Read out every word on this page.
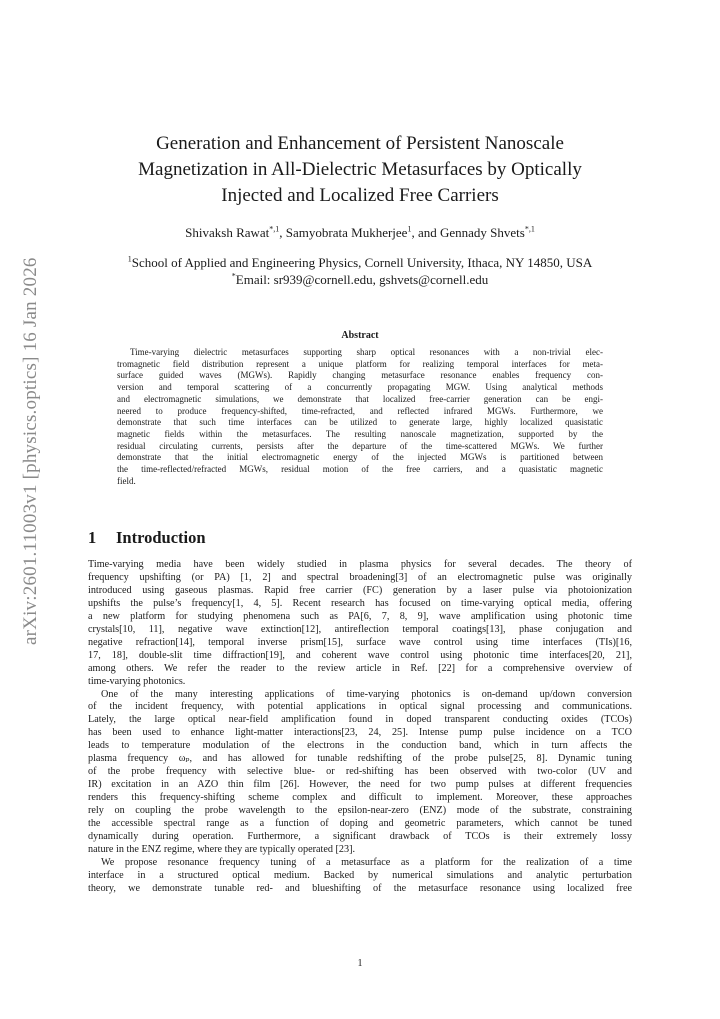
arXiv:2601.11003v1 [physics.optics] 16 Jan 2026
Generation and Enhancement of Persistent Nanoscale
Magnetization in All-Dielectric Metasurfaces by Optically
Injected and Localized Free Carriers
Shivaksh Rawat$^{*,1}$, Samyobrata Mukherjee$^1$, and Gennady Shvets$^{*,1}$
$^1$School of Applied and Engineering Physics, Cornell University, Ithaca, NY 14850, USA
*Email: sr939@cornell.edu, gshvets@cornell.edu
Abstract
Time-varying dielectric metasurfaces supporting sharp optical resonances with a non-trivial elec-
tromagnetic field distribution represent a unique platform for realizing temporal interfaces for meta-
surface guided waves (MGWs). Rapidly changing metasurface resonance enables frequency con-
version and temporal scattering of a concurrently propagating MGW. Using analytical methods
and electromagnetic simulations, we demonstrate that localized free-carrier generation can be engi-
neered to produce frequency-shifted, time-refracted, and reflected infrared MGWs. Furthermore, we
demonstrate that such time interfaces can be utilized to generate large, highly localized quasistatic
magnetic fields within the metasurfaces. The resulting nanoscale magnetization, supported by the
residual circulating currents, persists after the departure of the time-scattered MGWs. We further
demonstrate that the initial electromagnetic energy of the injected MGWs is partitioned between
the time-reflected/refracted MGWs, residual motion of the free carriers, and a quasistatic magnetic
field.
1 Introduction
Time-varying media have been widely studied in plasma physics for several decades. The theory of
frequency upshifting (or PA) [1, 2] and spectral broadening[3] of an electromagnetic pulse was originally
introduced using gaseous plasmas. Rapid free carrier (FC) generation by a laser pulse via photoionization
upshifts the pulse’s frequency[1, 4, 5]. Recent research has focused on time-varying optical media, offering
a new platform for studying phenomena such as PA[6, 7, 8, 9], wave amplification using photonic time
crystals[10, 11], negative wave extinction[12], antireflection temporal coatings[13], phase conjugation and
negative refraction[14], temporal inverse prism[15], surface wave control using time interfaces (TIs)[16,
17, 18], double-slit time diffraction[19], and coherent wave control using photonic time interfaces[20, 21],
among others. We refer the reader to the review article in Ref. [22] for a comprehensive overview of
time-varying photonics.
One of the many interesting applications of time-varying photonics is on-demand up/down conversion
of the incident frequency, with potential applications in optical signal processing and communications.
Lately, the large optical near-field amplification found in doped transparent conducting oxides (TCOs)
has been used to enhance light-matter interactions[23, 24, 25]. Intense pump pulse incidence on a TCO
leads to temperature modulation of the electrons in the conduction band, which in turn affects the
plasma frequency ωₚ, and has allowed for tunable redshifting of the probe pulse[25, 8]. Dynamic tuning
of the probe frequency with selective blue- or red-shifting has been observed with two-color (UV and
IR) excitation in an AZO thin film [26]. However, the need for two pump pulses at different frequencies
renders this frequency-shifting scheme complex and difficult to implement. Moreover, these approaches
rely on coupling the probe wavelength to the epsilon-near-zero (ENZ) mode of the substrate, constraining
the accessible spectral range as a function of doping and geometric parameters, which cannot be tuned
dynamically during operation. Furthermore, a significant drawback of TCOs is their extremely lossy
nature in the ENZ regime, where they are typically operated [23].
We propose resonance frequency tuning of a metasurface as a platform for the realization of a time
interface in a structured optical medium. Backed by numerical simulations and analytic perturbation
theory, we demonstrate tunable red- and blueshifting of the metasurface resonance using localized free
1
